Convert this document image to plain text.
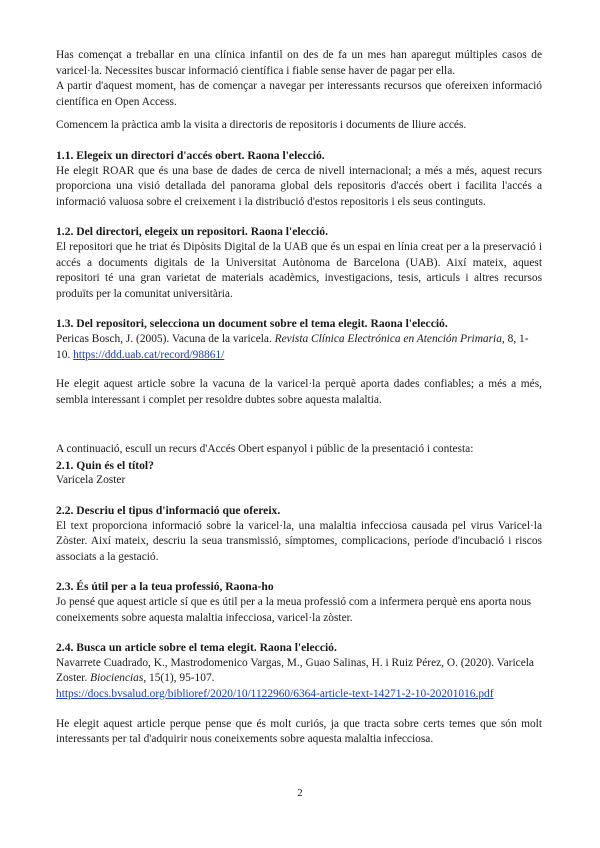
Has començat a treballar en una clínica infantil on des de fa un mes han aparegut múltiples casos de varicel·la. Necessites buscar informació científica i fiable sense haver de pagar per ella.

A partir d'aquest moment, has de començar a navegar per interessants recursos que ofereixen informació científica en Open Access.

Comencem la pràctica amb la visita a directoris de repositoris i documents de lliure accés.

1.1. Elegeix un directori d'accés obert. Raona l'elecció.

He elegit ROAR que és una base de dades de cerca de nivell internacional; a més a més, aquest recurs proporciona una visió detallada del panorama global dels repositoris d'accés obert i facilita l'accés a informació valuosa sobre el creixement i la distribució d'estos repositoris i els seus continguts.

1.2. Del directori, elegeix un repositori. Raona l'elecció.

El repositori que he triat és Dipòsits Digital de la UAB que és un espai en línia creat per a la preservació i accés a documents digitals de la Universitat Autònoma de Barcelona (UAB). Així mateix, aquest repositori té una gran varietat de materials acadèmics, investigacions, tesis, articuls i altres recursos produïts per la comunitat universitària.

1.3. Del repositori, selecciona un document sobre el tema elegit. Raona l'elecció.

Pericas Bosch, J. (2005). Vacuna de la varicela. Revista Clínica Electrónica en Atención Primaria, 8, 1-10. https://ddd.uab.cat/record/98861/

He elegit aquest article sobre la vacuna de la varicel·la perquè aporta dades confiables; a més a més, sembla interessant i complet per resoldre dubtes sobre aquesta malaltia.

A continuació, escull un recurs d'Accés Obert espanyol i públic de la presentació i contesta:

2.1. Quin és el títol?

Varicela Zoster

2.2. Descriu el tipus d'informació que ofereix.

El text proporciona informació sobre la varicel·la, una malaltia infecciosa causada pel virus Varicel·la Zòster. Així mateix, descriu la seua transmissió, símptomes, complicacions, període d'incubació i riscos associats a la gestació.

2.3. És útil per a la teua professió, Raona-ho

Jo pensé que aquest article sí que es útil per a la meua professió com a infermera perquè ens aporta nous coneixements sobre aquesta malaltia infecciosa, varicel·la zòster.

2.4. Busca un article sobre el tema elegit. Raona l'elecció.

Navarrete Cuadrado, K., Mastrodomenico Vargas, M., Guao Salinas, H. i Ruiz Pérez, O. (2020). Varicela Zoster. Biociencias, 15(1), 95-107.
https://docs.bvsalud.org/biblioref/2020/10/1122960/6364-article-text-14271-2-10-20201016.pdf

He elegit aquest article perque pense que és molt curiós, ja que tracta sobre certs temes que són molt interessants per tal d'adquirir nous coneixements sobre aquesta malaltia infecciosa.

2
